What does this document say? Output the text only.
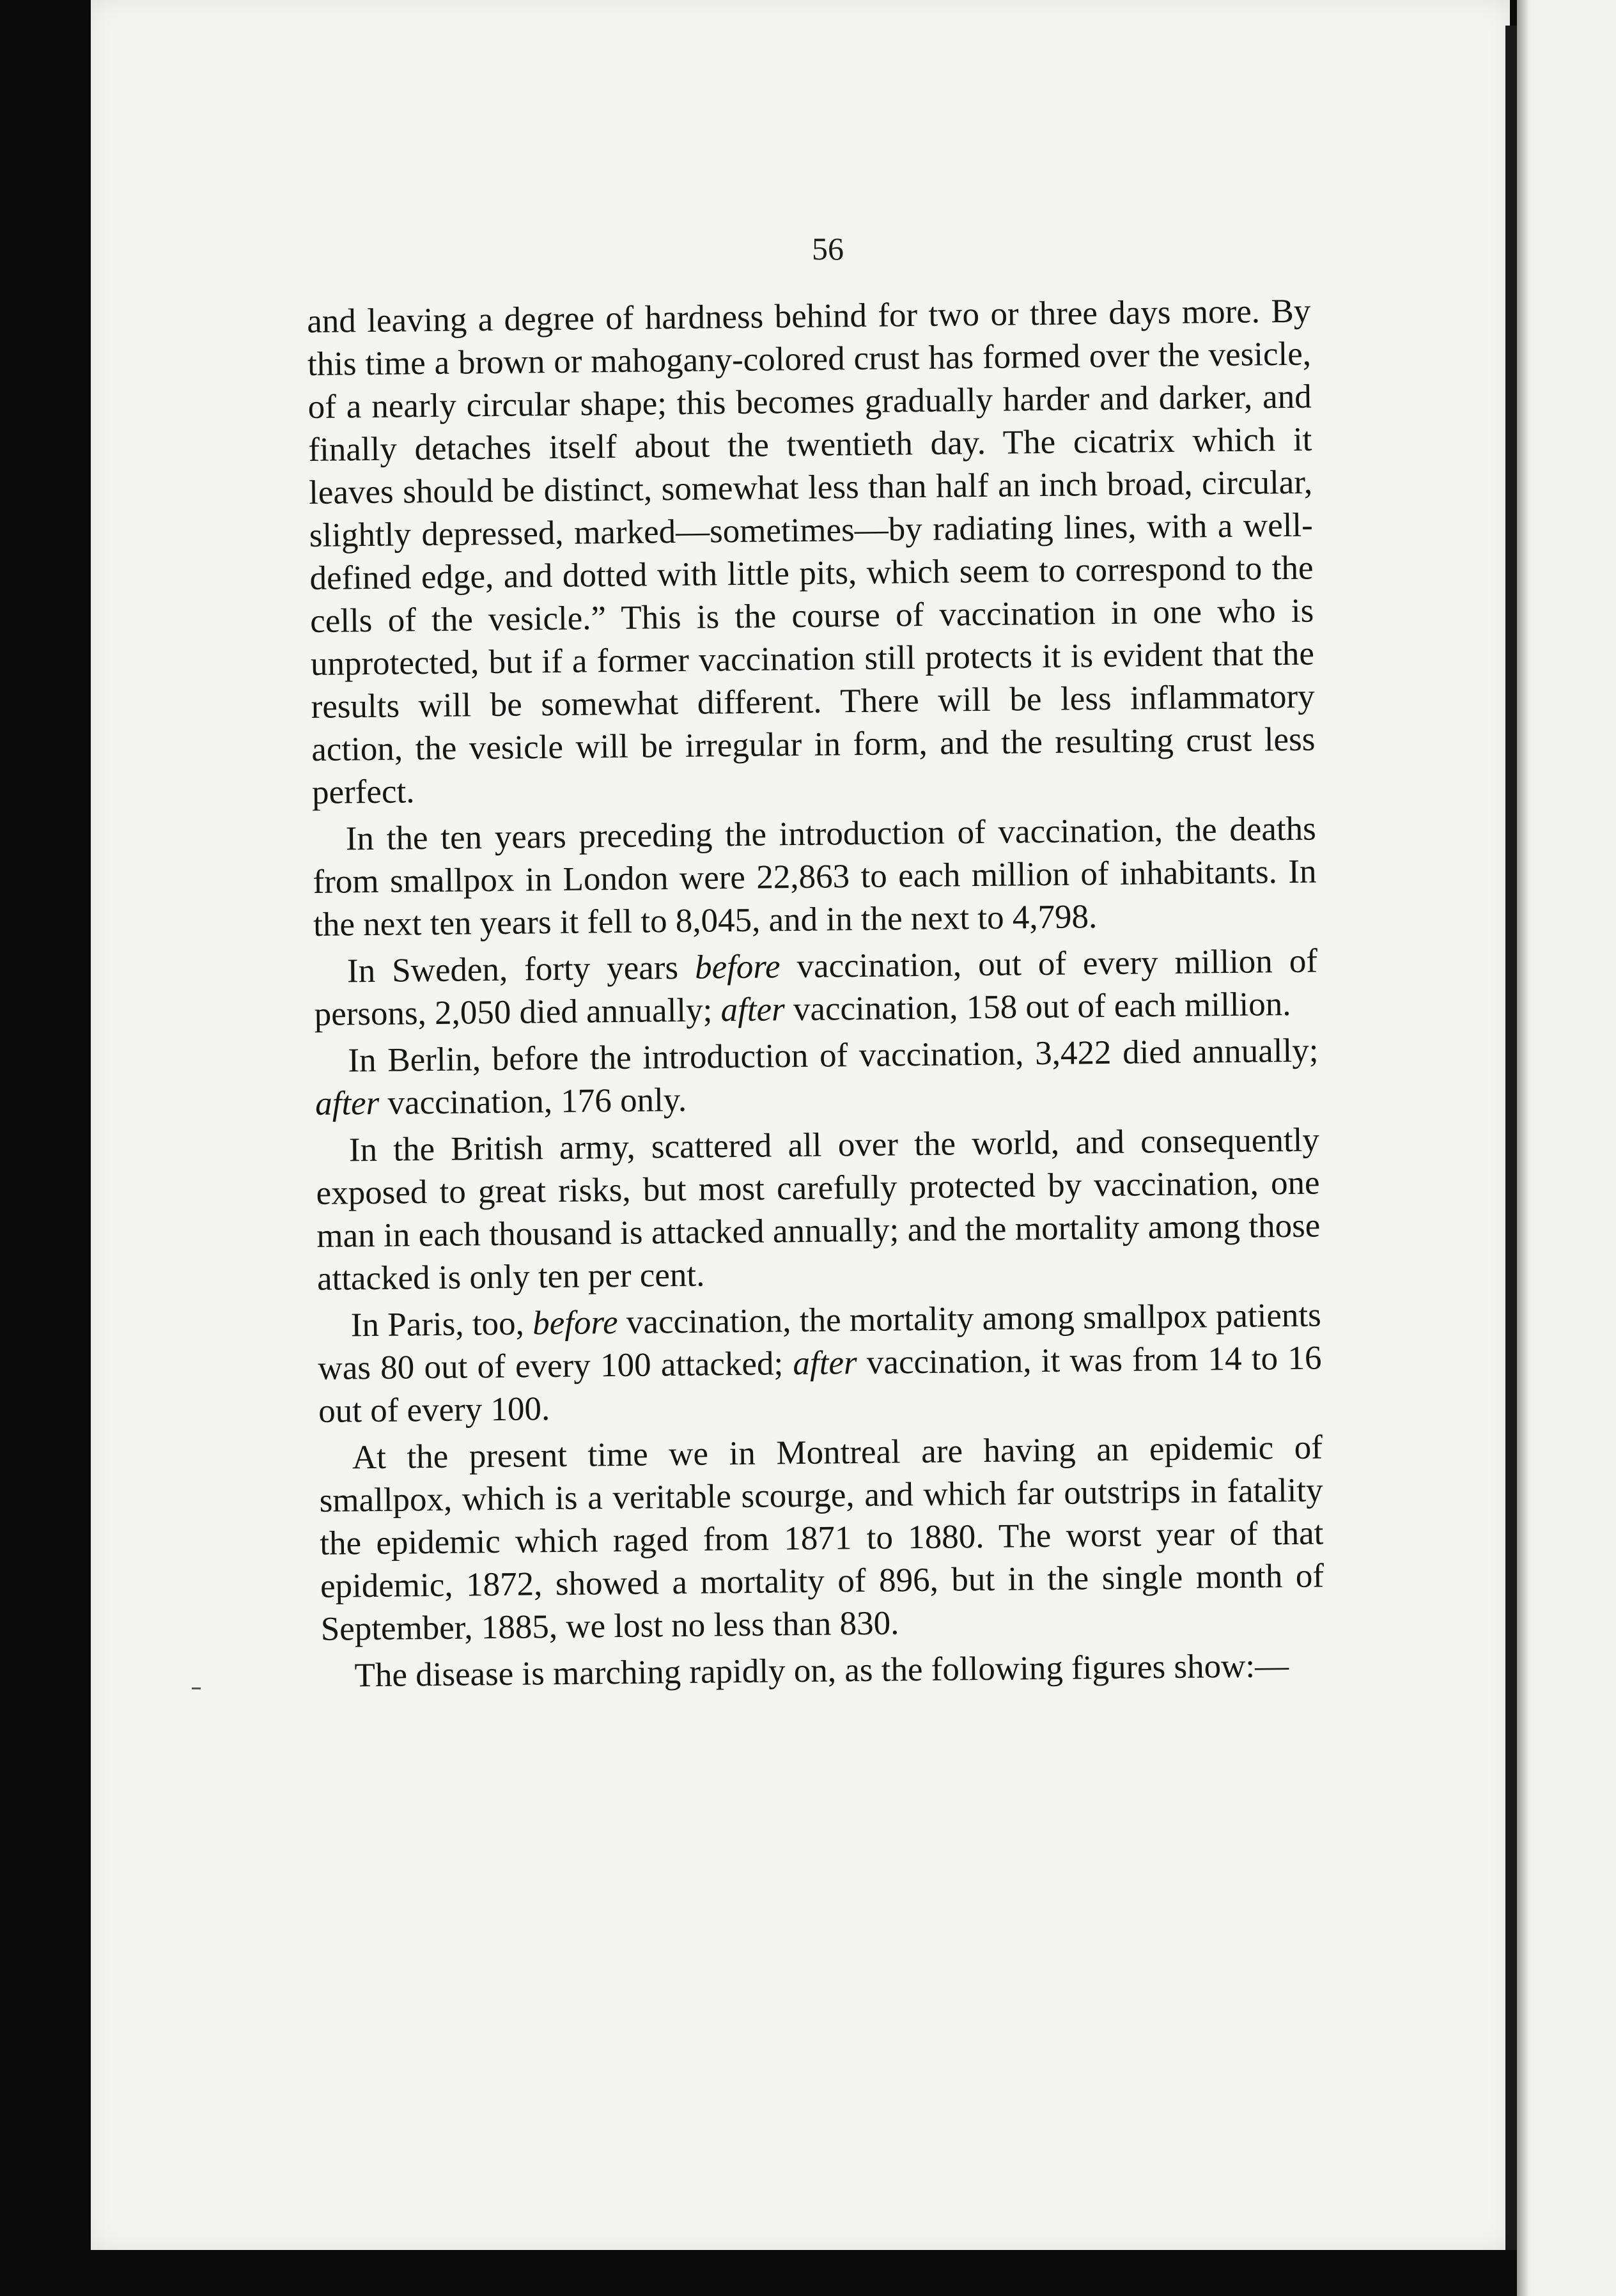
56

and leaving a degree of hardness behind for two or three days more. By this time a brown or mahogany-colored crust has formed over the vesicle, of a nearly circular shape; this becomes gradually harder and darker, and finally detaches itself about the twentieth day. The cicatrix which it leaves should be distinct, somewhat less than half an inch broad, circular, slightly depressed, marked—sometimes—by radiating lines, with a well-defined edge, and dotted with little pits, which seem to correspond to the cells of the vesicle.” This is the course of vaccination in one who is unprotected, but if a former vaccination still protects it is evident that the results will be somewhat different. There will be less inflammatory action, the vesicle will be irregular in form, and the resulting crust less perfect.

In the ten years preceding the introduction of vaccination, the deaths from smallpox in London were 22,863 to each million of inhabitants. In the next ten years it fell to 8,045, and in the next to 4,798.

In Sweden, forty years before vaccination, out of every million of persons, 2,050 died annually; after vaccination, 158 out of each million.

In Berlin, before the introduction of vaccination, 3,422 died annually; after vaccination, 176 only.

In the British army, scattered all over the world, and consequently exposed to great risks, but most carefully protected by vaccination, one man in each thousand is attacked annually; and the mortality among those attacked is only ten per cent.

In Paris, too, before vaccination, the mortality among smallpox patients was 80 out of every 100 attacked; after vaccination, it was from 14 to 16 out of every 100.

At the present time we in Montreal are having an epidemic of smallpox, which is a veritable scourge, and which far outstrips in fatality the epidemic which raged from 1871 to 1880. The worst year of that epidemic, 1872, showed a mortality of 896, but in the single month of September, 1885, we lost no less than 830.

The disease is marching rapidly on, as the following figures show:—
